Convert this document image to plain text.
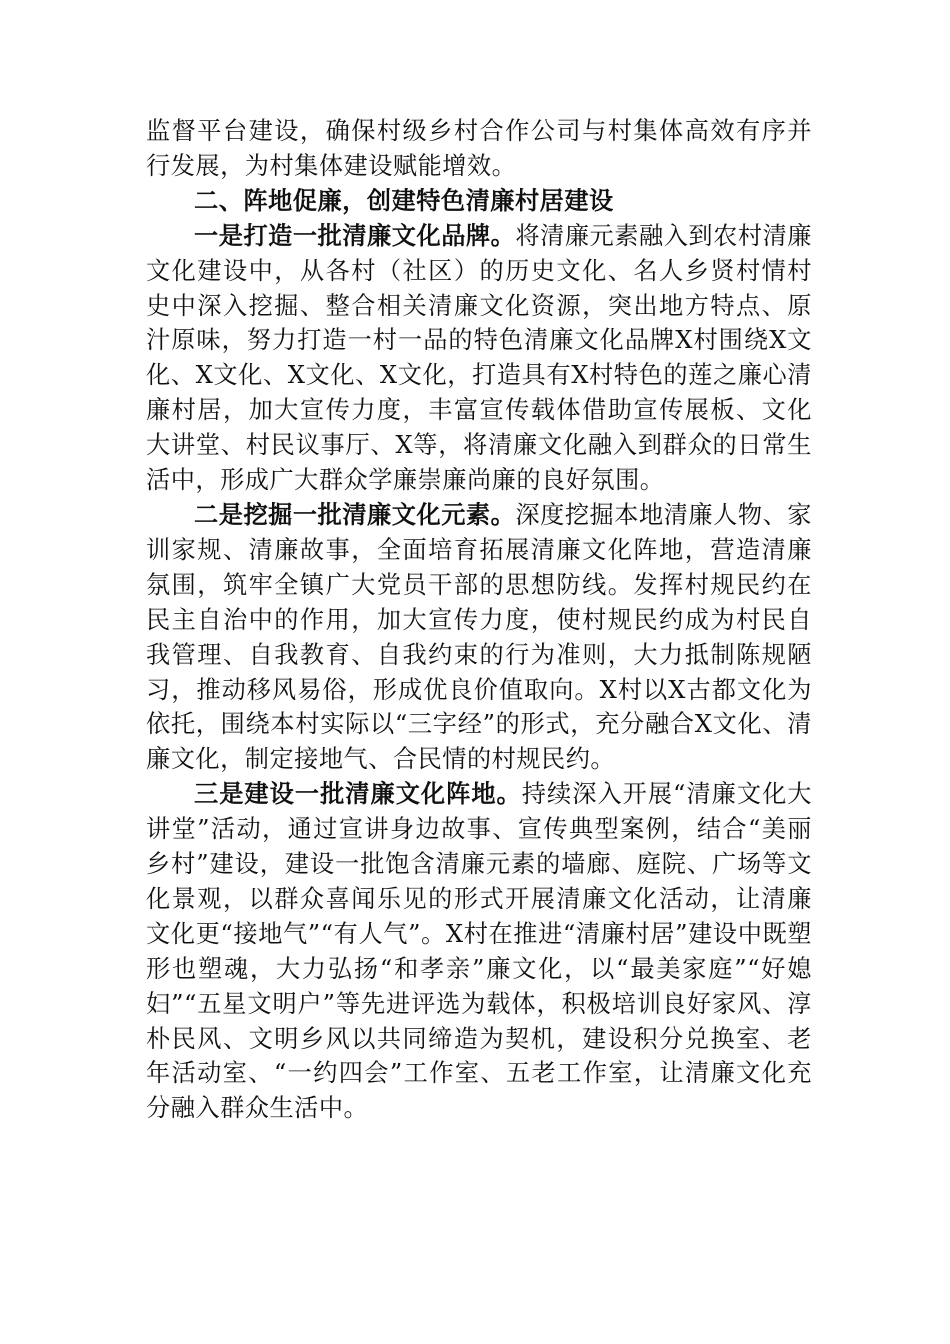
监督平台建设，确保村级乡村合作公司与村集体高效有序并行发展，为村集体建设赋能增效。

二、阵地促廉，创建特色清廉村居建设

一是打造一批清廉文化品牌。将清廉元素融入到农村清廉文化建设中，从各村（社区）的历史文化、名人乡贤村情村史中深入挖掘、整合相关清廉文化资源，突出地方特点、原汁原味，努力打造一村一品的特色清廉文化品牌X村围绕X文化、X文化、X文化、X文化，打造具有X村特色的莲之廉心清廉村居，加大宣传力度，丰富宣传载体借助宣传展板、文化大讲堂、村民议事厅、X等，将清廉文化融入到群众的日常生活中，形成广大群众学廉崇廉尚廉的良好氛围。

二是挖掘一批清廉文化元素。深度挖掘本地清廉人物、家训家规、清廉故事，全面培育拓展清廉文化阵地，营造清廉氛围，筑牢全镇广大党员干部的思想防线。发挥村规民约在民主自治中的作用，加大宣传力度，使村规民约成为村民自我管理、自我教育、自我约束的行为准则，大力抵制陈规陋习，推动移风易俗，形成优良价值取向。X村以X古都文化为依托，围绕本村实际以“三字经”的形式，充分融合X文化、清廉文化，制定接地气、合民情的村规民约。

三是建设一批清廉文化阵地。持续深入开展“清廉文化大讲堂”活动，通过宣讲身边故事、宣传典型案例，结合“美丽乡村”建设，建设一批饱含清廉元素的墙廊、庭院、广场等文化景观，以群众喜闻乐见的形式开展清廉文化活动，让清廉文化更“接地气”“有人气”。X村在推进“清廉村居”建设中既塑形也塑魂，大力弘扬“和孝亲”廉文化，以“最美家庭”“好媳妇”“五星文明户”等先进评选为载体，积极培训良好家风、淳朴民风、文明乡风以共同缔造为契机，建设积分兑换室、老年活动室、“一约四会”工作室、五老工作室，让清廉文化充分融入群众生活中。
